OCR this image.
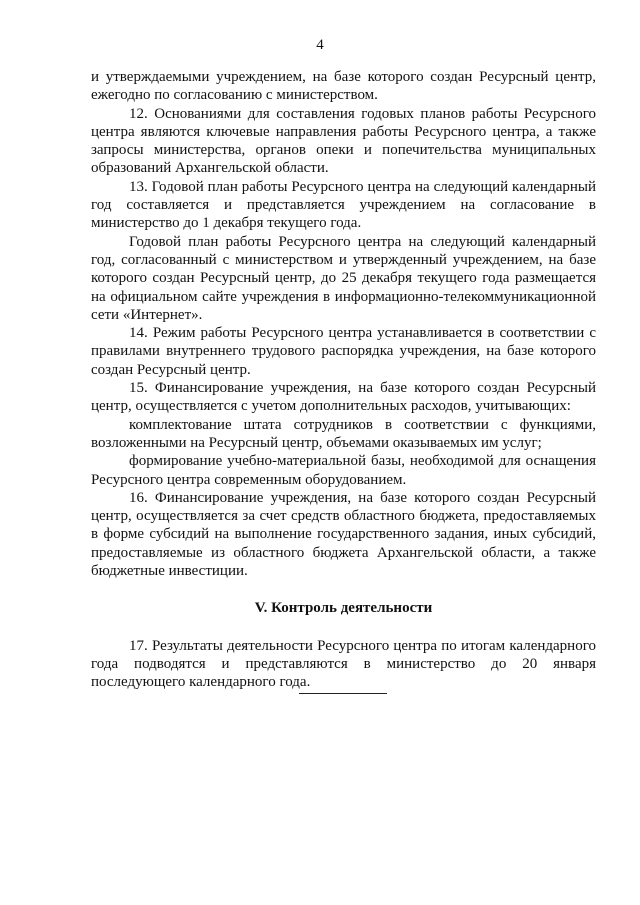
4

и утверждаемыми учреждением, на базе которого создан Ресурсный центр, ежегодно по согласованию с министерством.

12. Основаниями для составления годовых планов работы Ресурсного центра являются ключевые направления работы Ресурсного центра, а также запросы министерства, органов опеки и попечительства муниципальных образований Архангельской области.

13. Годовой план работы Ресурсного центра на следующий календарный год составляется и представляется учреждением на согласование в министерство до 1 декабря текущего года.

Годовой план работы Ресурсного центра на следующий календарный год, согласованный с министерством и утвержденный учреждением, на базе которого создан Ресурсный центр, до 25 декабря текущего года размещается на официальном сайте учреждения в информационно-телекоммуникационной сети «Интернет».

14. Режим работы Ресурсного центра устанавливается в соответствии с правилами внутреннего трудового распорядка учреждения, на базе которого создан Ресурсный центр.

15. Финансирование учреждения, на базе которого создан Ресурсный центр, осуществляется с учетом дополнительных расходов, учитывающих:

комплектование штата сотрудников в соответствии с функциями, возложенными на Ресурсный центр, объемами оказываемых им услуг;

формирование учебно-материальной базы, необходимой для оснащения Ресурсного центра современным оборудованием.

16. Финансирование учреждения, на базе которого создан Ресурсный центр, осуществляется за счет средств областного бюджета, предоставляемых в форме субсидий на выполнение государственного задания, иных субсидий, предоставляемые из областного бюджета Архангельской области, а также бюджетные инвестиции.

V. Контроль деятельности

17. Результаты деятельности Ресурсного центра по итогам календарного года подводятся и представляются в министерство до 20 января последующего календарного года.
